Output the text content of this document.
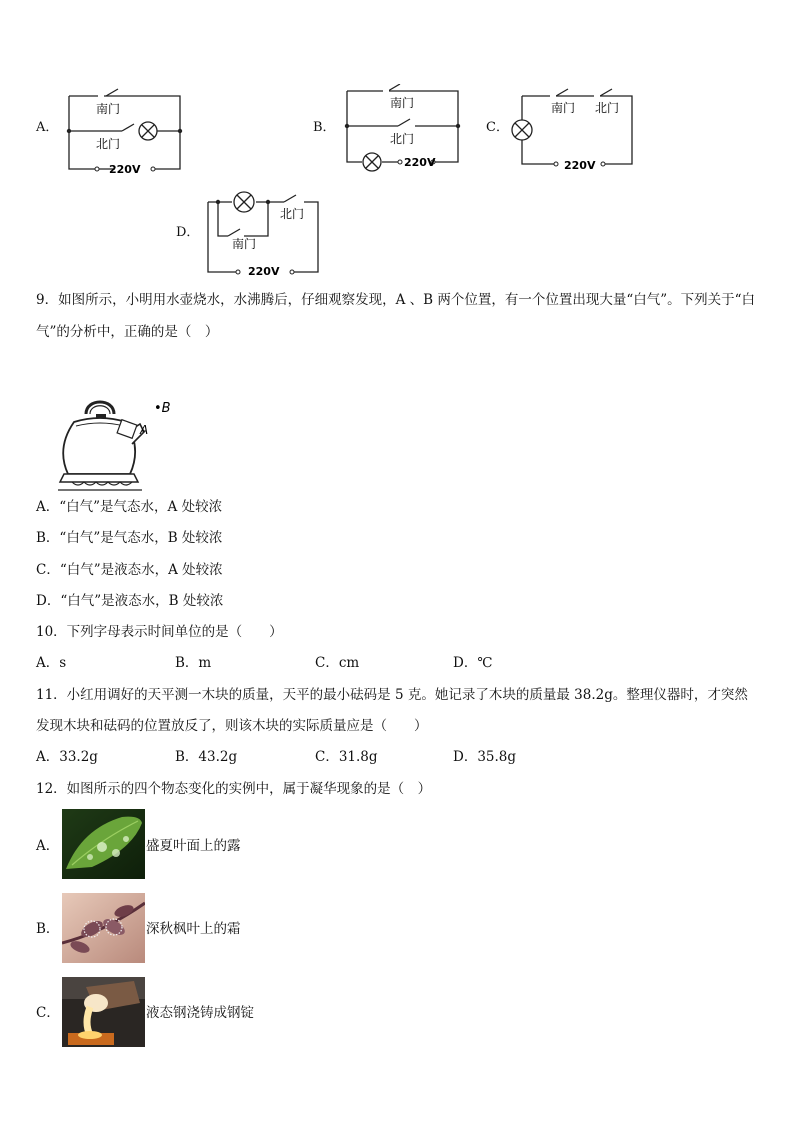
A．
南门
北门
220V
B．
南门
北门
220V
C．
南门 北门
220V
D．
北门
南门
220V
9．如图所示，小明用水壶烧水，水沸腾后，仔细观察发现，A 、B 两个位置，有一个位置出现大量“白气”。下列关于“白
气”的分析中，正确的是（　）
A
•B
A．“白气”是气态水，A 处较浓
B．“白气”是气态水，B 处较浓
C．“白气”是液态水，A 处较浓
D．“白气”是液态水，B 处较浓
10．下列字母表示时间单位的是（　　）
A．s	B．m	C．cm	D．℃
11．小红用调好的天平测一木块的质量，天平的最小砝码是 5 克。她记录了木块的质量最 38.2g。整理仪器时，才突然
发现木块和砝码的位置放反了，则该木块的实际质量应是（　　）
A．33.2g	B．43.2g	C．31.8g	D．35.8g
12．如图所示的四个物态变化的实例中，属于凝华现象的是（　）
A．	盛夏叶面上的露
B．	深秋枫叶上的霜
C．	液态钢浇铸成钢锭
